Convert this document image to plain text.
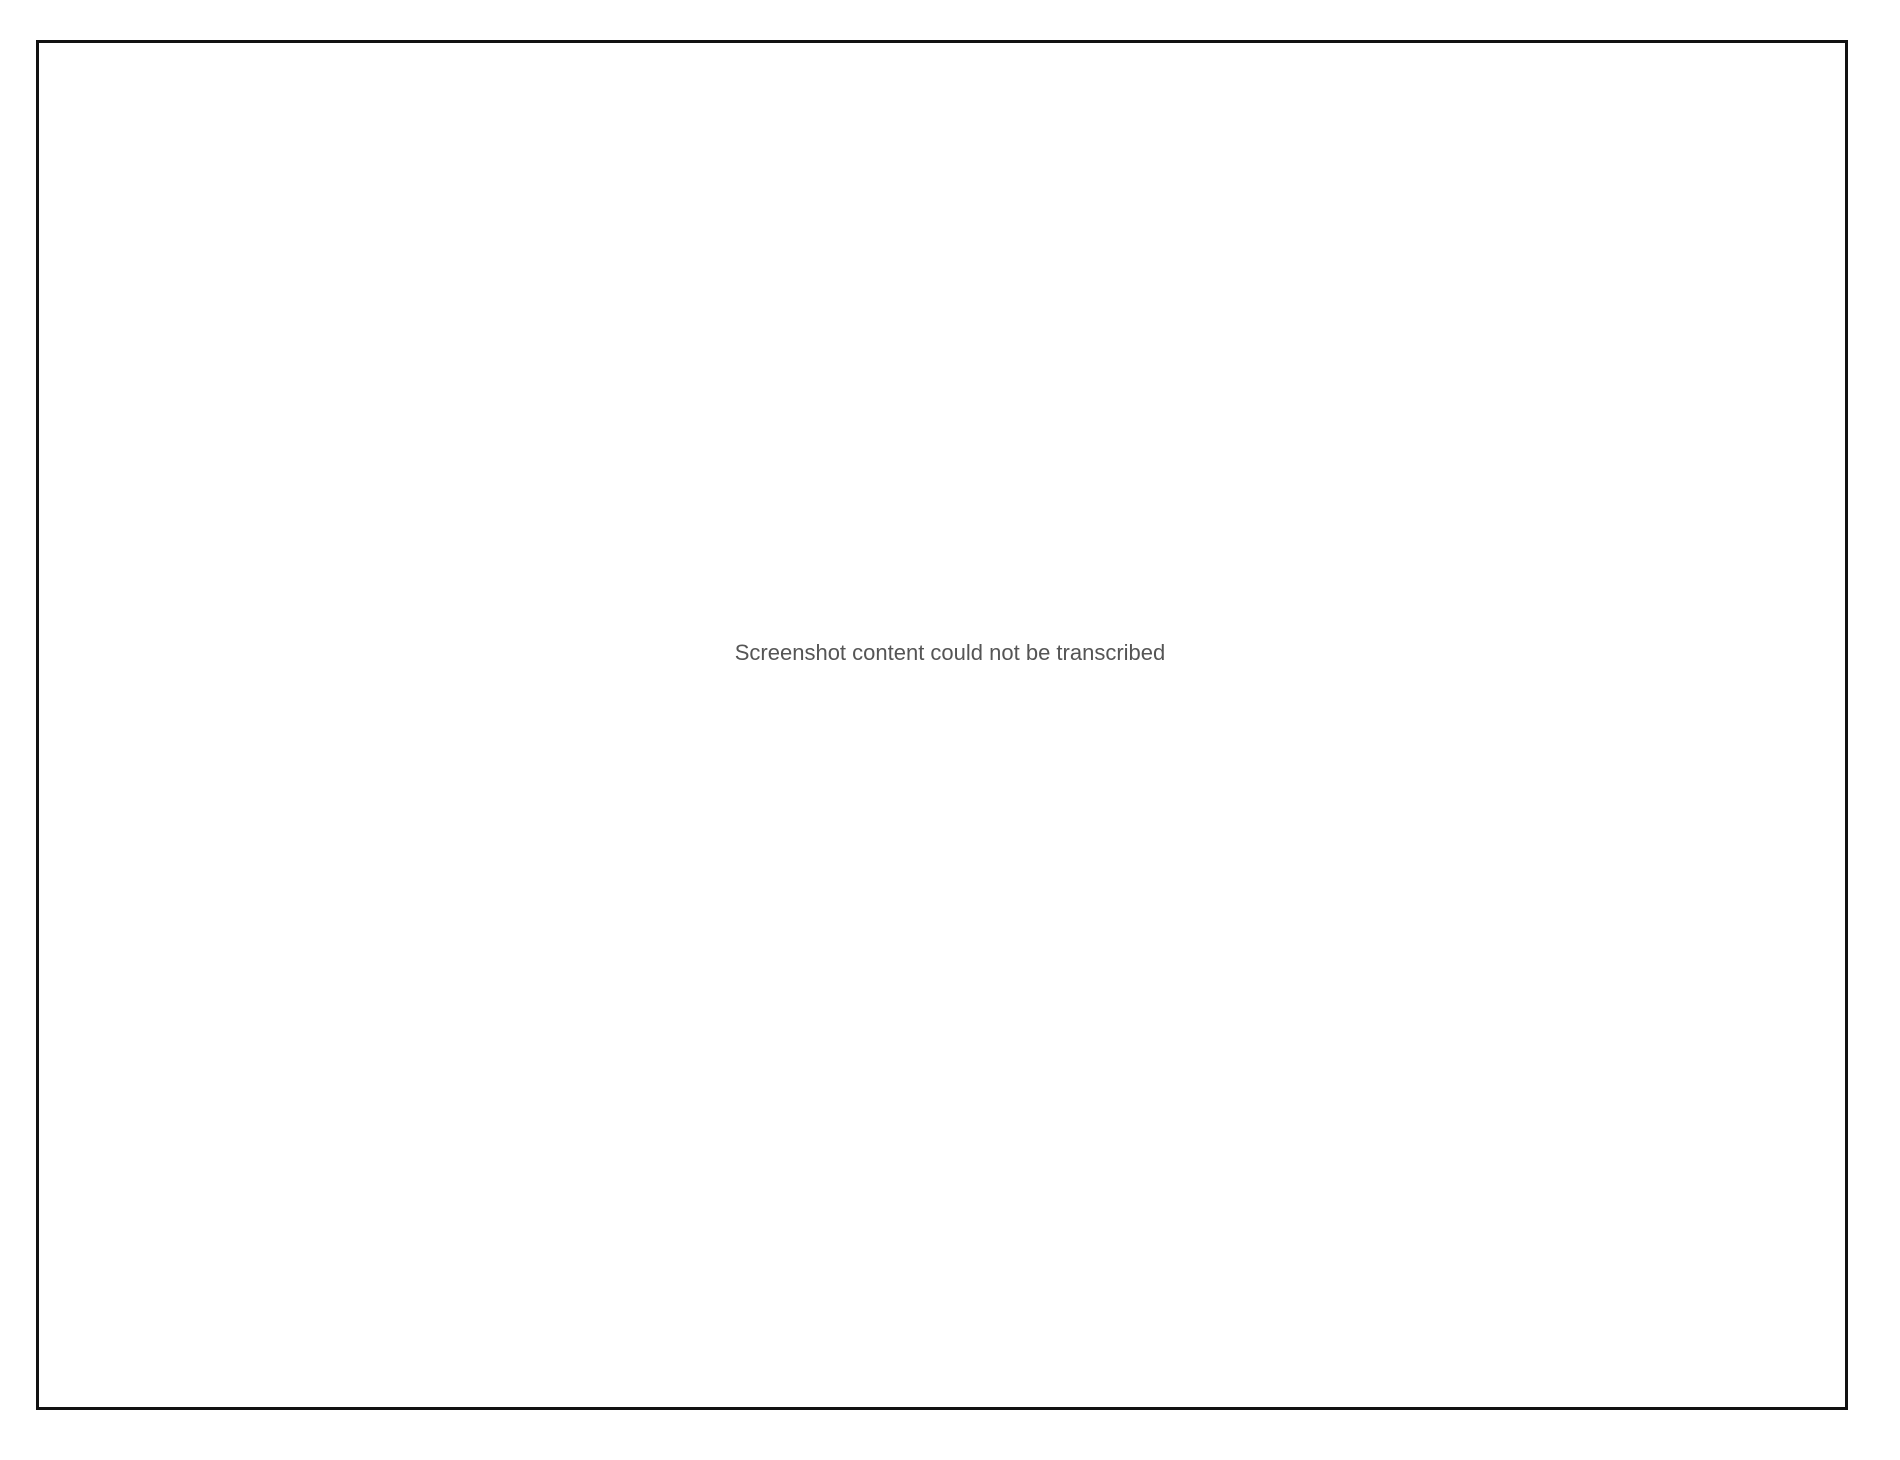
Screenshot content could not be transcribed
